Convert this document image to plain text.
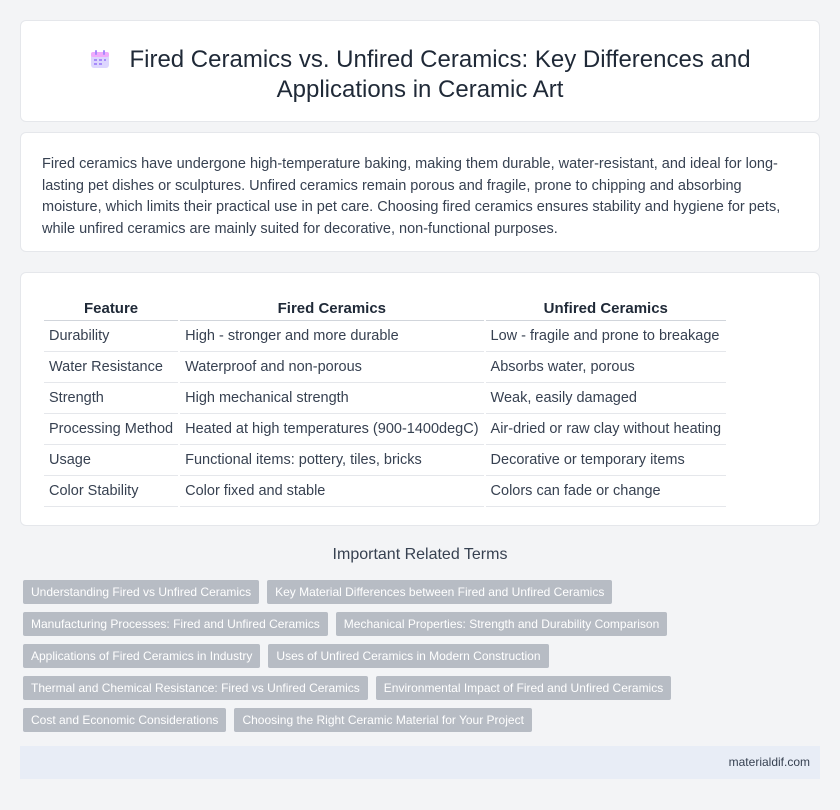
Fired Ceramics vs. Unfired Ceramics: Key Differences and Applications in Ceramic Art

Fired ceramics have undergone high-temperature baking, making them durable, water-resistant, and ideal for long-lasting pet dishes or sculptures. Unfired ceramics remain porous and fragile, prone to chipping and absorbing moisture, which limits their practical use in pet care. Choosing fired ceramics ensures stability and hygiene for pets, while unfired ceramics are mainly suited for decorative, non-functional purposes.

Feature	Fired Ceramics	Unfired Ceramics
Durability	High - stronger and more durable	Low - fragile and prone to breakage
Water Resistance	Waterproof and non-porous	Absorbs water, porous
Strength	High mechanical strength	Weak, easily damaged
Processing Method	Heated at high temperatures (900-1400degC)	Air-dried or raw clay without heating
Usage	Functional items: pottery, tiles, bricks	Decorative or temporary items
Color Stability	Color fixed and stable	Colors can fade or change
Important Related Terms
Understanding Fired vs Unfired Ceramics	Key Material Differences between Fired and Unfired Ceramics
Manufacturing Processes: Fired and Unfired Ceramics	Mechanical Properties: Strength and Durability Comparison
Applications of Fired Ceramics in Industry	Uses of Unfired Ceramics in Modern Construction
Thermal and Chemical Resistance: Fired vs Unfired Ceramics	Environmental Impact of Fired and Unfired Ceramics
Cost and Economic Considerations	Choosing the Right Ceramic Material for Your Project
materialdif.com
